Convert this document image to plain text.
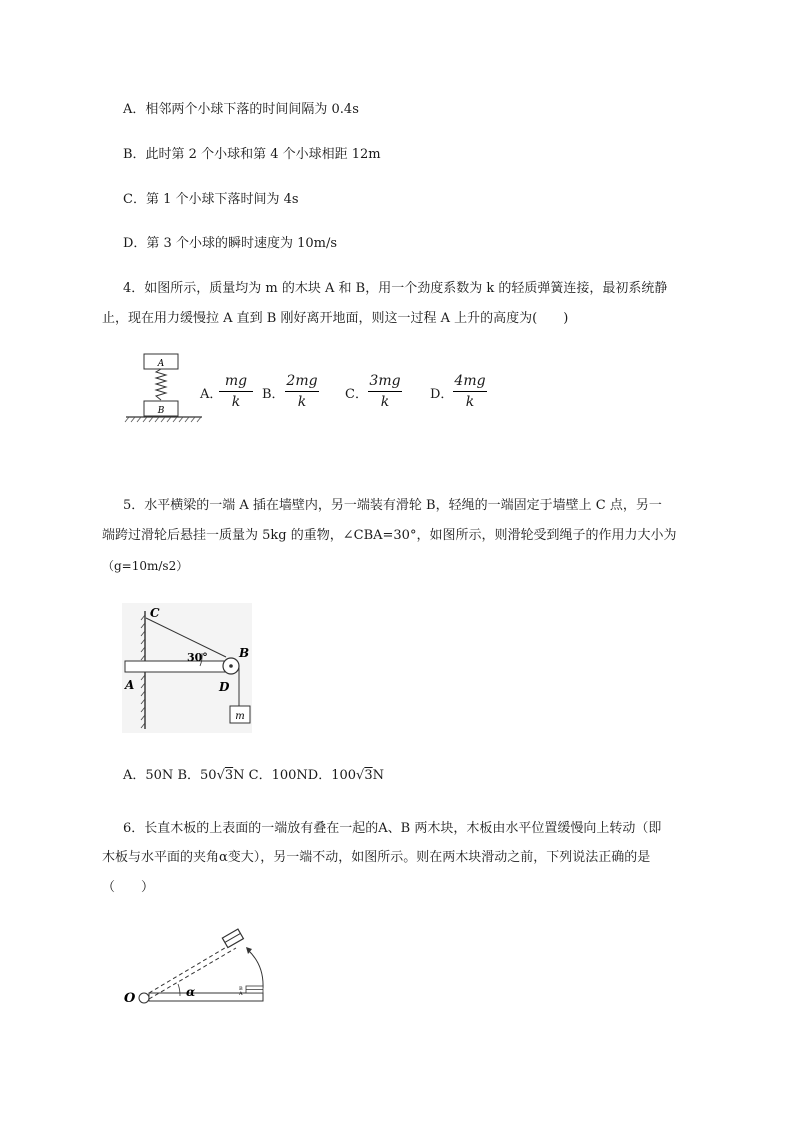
A．相邻两个小球下落的时间间隔为 0.4s
B．此时第 2 个小球和第 4 个小球相距 12m
C．第 1 个小球下落时间为 4s
D．第 3 个小球的瞬时速度为 10m/s
4．如图所示，质量均为 m 的木块 A 和 B，用一个劲度系数为 k 的轻质弹簧连接，最初系统静
止，现在用力缓慢拉 A 直到 B 刚好离开地面，则这一过程 A 上升的高度为(　　)
A
B
A．
$\frac{mg}{k}$ B． $\frac{2mg}{k}$ C． $\frac{3mg}{k}$ D． $\frac{4mg}{k}$
5．水平横梁的一端 A 插在墙壁内，另一端装有滑轮 B，轻绳的一端固定于墙壁上 C 点，另一
端跨过滑轮后悬挂一质量为 5kg 的重物，∠CBA=30°，如图所示，则滑轮受到绳子的作用力大小为
（g=10m/s2）
m
C
A
B
D
30°
A．50N B．50√3N C．100ND．100√3N
6．长直木板的上表面的一端放有叠在一起的A、B 两木块，木板由水平位置缓慢向上转动（即
木板与水平面的夹角α变大），另一端不动，如图所示。则在两木块滑动之前，下列说法正确的是
（　　）
O	α	B
A
